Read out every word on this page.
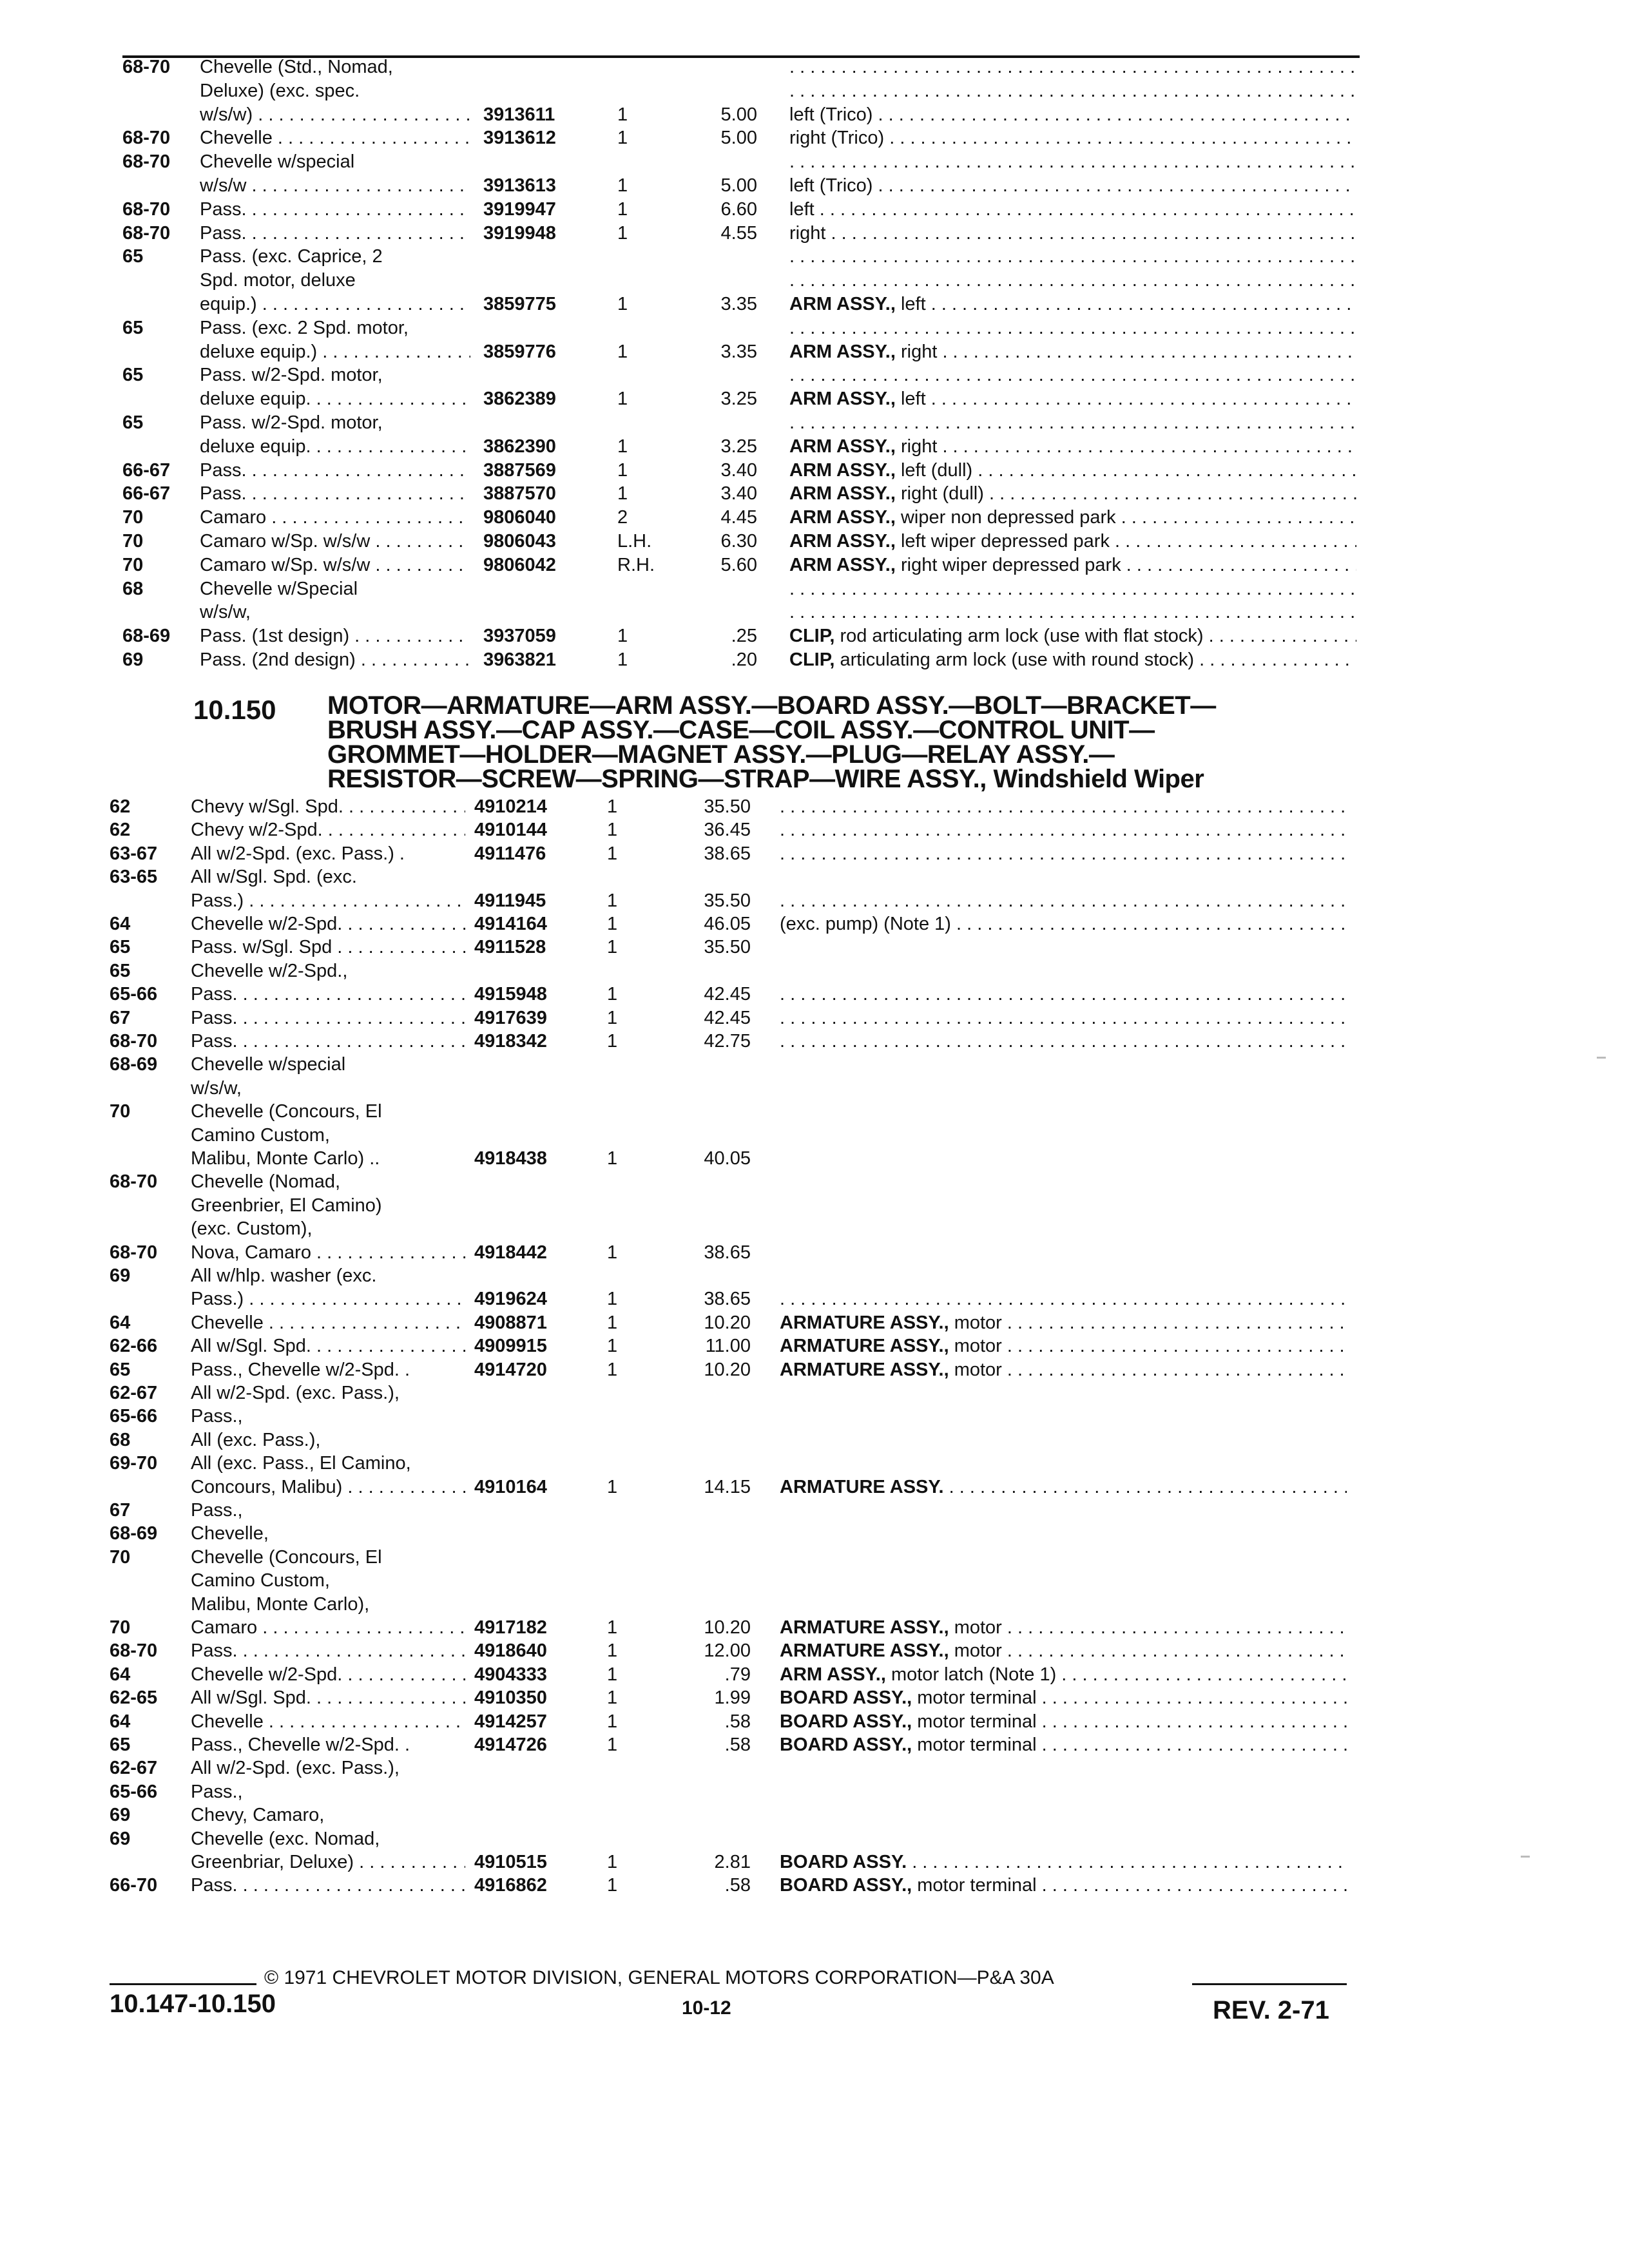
68-70 Chevelle (Std., Nomad,
. . .
Deluxe) (exc. spec.
. . .
w/s/w) . . .	3913611	1	5.00 left (Trico) . . .
68-70 Chevelle . . .	3913612	1	5.00 right (Trico) . . .
68-70 Chevelle w/special
. . .
w/s/w . . .	3913613	1	5.00 left (Trico) . . .
68-70 Pass. . . .	3919947	1	6.60 left . . .
68-70 Pass. . . .	3919948	1	4.55 right . . .
65	Pass. (exc. Caprice, 2
. . .
Spd. motor, deluxe
. . .
equip.) . . .	3859775	1	3.35 ARM ASSY., left . . .
65	Pass. (exc. 2 Spd. motor,
. . .
deluxe equip.) . . .	3859776	1	3.35 ARM ASSY., right . . .
65	Pass. w/2-Spd. motor,
. . .
deluxe equip. . . .	3862389	1	3.25 ARM ASSY., left . . .
65	Pass. w/2-Spd. motor,
. . .
deluxe equip. . . .	3862390	1	3.25 ARM ASSY., right . . .
66-67 Pass. . . .	3887569	1	3.40 ARM ASSY., left (dull) . . .
66-67 Pass. . . .	3887570	1	3.40 ARM ASSY., right (dull) . . .
70	Camaro . . .	9806040	2	4.45 ARM ASSY., wiper non depressed park . . .
70	Camaro w/Sp. w/s/w . . .	9806043	L.H.	6.30 ARM ASSY., left wiper depressed park . . .
70	Camaro w/Sp. w/s/w . . .	9806042	R.H.	5.60 ARM ASSY., right wiper depressed park . . .
68	Chevelle w/Special
. . .
w/s/w,
. . .
68-69 Pass. (1st design) . . .	3937059	1	.25 CLIP, rod articulating arm lock (use with flat stock) . . .
69	Pass. (2nd design) . . .	3963821	1	.20 CLIP, articulating arm lock (use with round stock) . . .
62	Chevy w/Sgl. Spd. . . .	4910214	1	35.50
. . .
62	Chevy w/2-Spd. . . .	4910144	1	36.45
. . .
63-67 All w/2-Spd. (exc. Pass.) .	4911476	1	38.65
. . .
63-65 All w/Sgl. Spd. (exc.
Pass.) . . .	4911945	1	35.50
. . .
64	Chevelle w/2-Spd. . . .	4914164	1	46.05 (exc. pump) (Note 1) . . .
65	Pass. w/Sgl. Spd . . .	4911528	1	35.50
65	Chevelle w/2-Spd.,
65-66 Pass. . . .	4915948	1	42.45
. . .
67	Pass. . . .	4917639	1	42.45
. . .
68-70 Pass. . . .	4918342	1	42.75
. . .
68-69 Chevelle w/special
w/s/w,
70	Chevelle (Concours, El
Camino Custom,
Malibu, Monte Carlo) ..	4918438	1	40.05
68-70 Chevelle (Nomad,
Greenbrier, El Camino)
(exc. Custom),
68-70 Nova, Camaro . . .	4918442	1	38.65
69	All w/hlp. washer (exc.
Pass.) . . .	4919624	1	38.65
. . .
64	Chevelle . . .	4908871	1	10.20 ARMATURE ASSY., motor . . .
62-66 All w/Sgl. Spd. . . .	4909915	1	11.00 ARMATURE ASSY., motor . . .
65	Pass., Chevelle w/2-Spd. .	4914720	1	10.20 ARMATURE ASSY., motor . . .
62-67 All w/2-Spd. (exc. Pass.),
65-66 Pass.,
68	All (exc. Pass.),
69-70 All (exc. Pass., El Camino,
Concours, Malibu) . . .	4910164	1	14.15 ARMATURE ASSY. . . .
67	Pass.,
68-69 Chevelle,
70	Chevelle (Concours, El
Camino Custom,
Malibu, Monte Carlo),
70	Camaro . . .	4917182	1	10.20 ARMATURE ASSY., motor . . .
68-70 Pass. . . .	4918640	1	12.00 ARMATURE ASSY., motor . . .
64	Chevelle w/2-Spd. . . .	4904333	1	.79 ARM ASSY., motor latch (Note 1) . . .
62-65 All w/Sgl. Spd. . . .	4910350	1	1.99 BOARD ASSY., motor terminal . . .
64	Chevelle . . .	4914257	1	.58 BOARD ASSY., motor terminal . . .
65	Pass., Chevelle w/2-Spd. .	4914726	1	.58 BOARD ASSY., motor terminal . . .
62-67 All w/2-Spd. (exc. Pass.),
65-66 Pass.,
69	Chevy, Camaro,
69	Chevelle (exc. Nomad,
Greenbriar, Deluxe) . . .	4910515	1	2.81 BOARD ASSY. . . .
66-70 Pass. . . .	4916862	1	.58 BOARD ASSY., motor terminal . . .
10.150 MOTOR—ARMATURE—ARM ASSY.—BOARD ASSY.—BOLT—BRACKET—
BRUSH ASSY.—CAP ASSY.—CASE—COIL ASSY.—CONTROL UNIT—
GROMMET—HOLDER—MAGNET ASSY.—PLUG—RELAY ASSY.—
RESISTOR—SCREW—SPRING—STRAP—WIRE ASSY., Windshield Wiper
© 1971 CHEVROLET MOTOR DIVISION, GENERAL MOTORS CORPORATION—P&A 30A
10.147-10.150	10-12	REV. 2-71
